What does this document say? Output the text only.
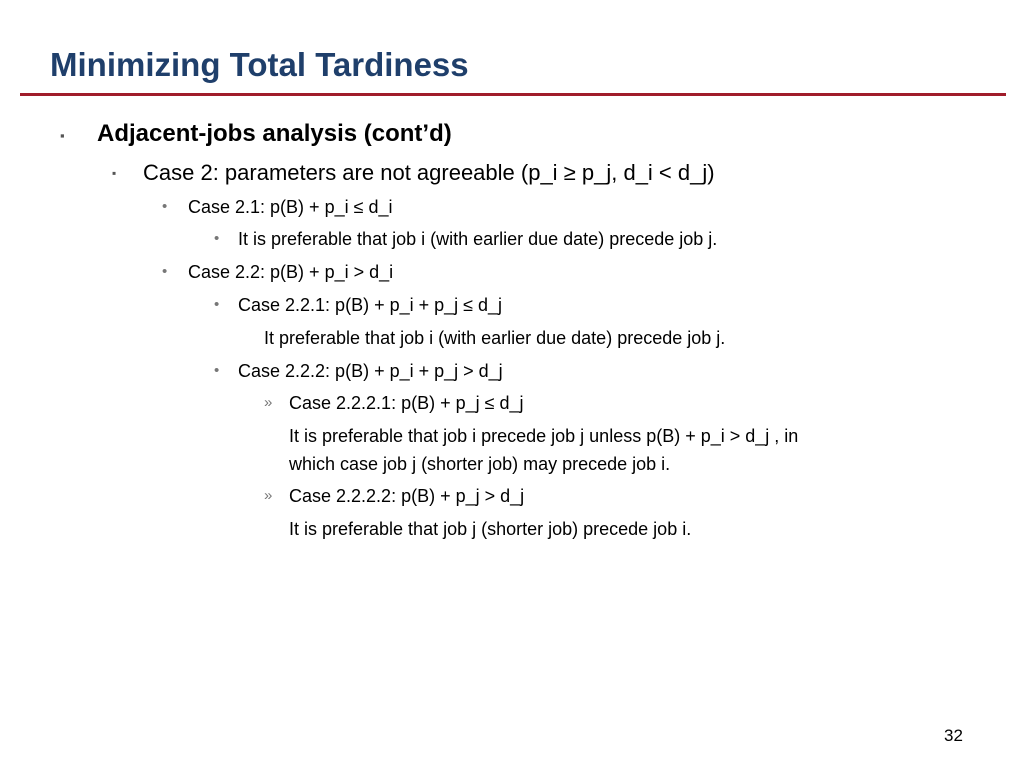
Minimizing Total Tardiness
▪ Adjacent-jobs analysis (cont’d)
▪ Case 2: parameters are not agreeable (p_i ≥ p_j, d_i < d_j)
• Case 2.1: p(B) + p_i ≤ d_i
• It is preferable that job i (with earlier due date) precede job j.
• Case 2.2: p(B) + p_i > d_i
• Case 2.2.1: p(B) + p_i + p_j ≤ d_j
It preferable that job i (with earlier due date) precede job j.
• Case 2.2.2: p(B) + p_i + p_j > d_j
» Case 2.2.2.1: p(B) + p_j ≤ d_j
It is preferable that job i precede job j unless p(B) + p_i > d_j , in
which case job j (shorter job) may precede job i.
» Case 2.2.2.2: p(B) + p_j > d_j
It is preferable that job j (shorter job) precede job i.
32
